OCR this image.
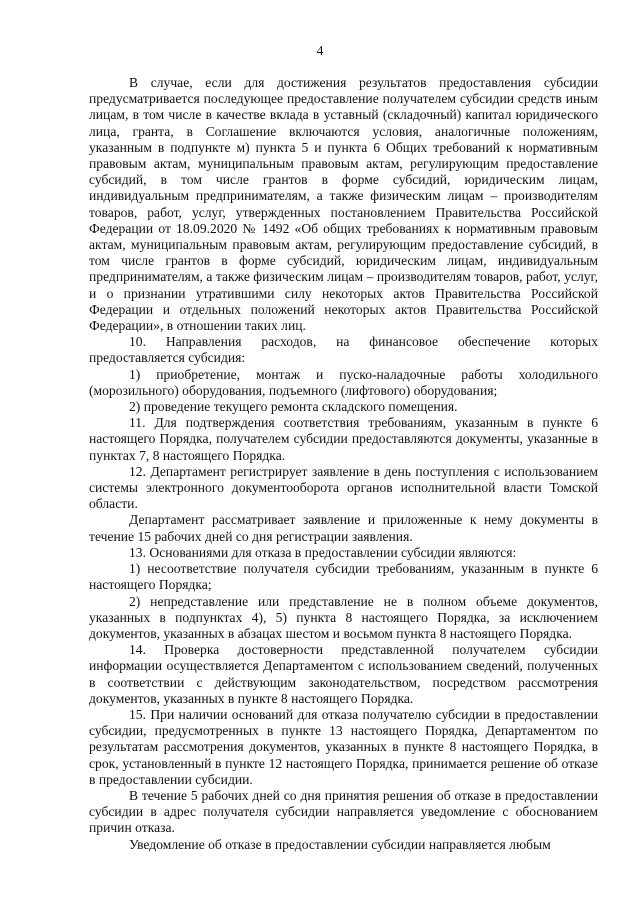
4

В случае, если для достижения результатов предоставления субсидии предусматривается последующее предоставление получателем субсидии средств иным лицам, в том числе в качестве вклада в уставный (складочный) капитал юридического лица, гранта, в Соглашение включаются условия, аналогичные положениям, указанным в подпункте м) пункта 5 и пункта 6 Общих требований к нормативным правовым актам, муниципальным правовым актам, регулирующим предоставление субсидий, в том числе грантов в форме субсидий, юридическим лицам, индивидуальным предпринимателям, а также физическим лицам – производителям товаров, работ, услуг, утвержденных постановлением Правительства Российской Федерации от 18.09.2020 № 1492 «Об общих требованиях к нормативным правовым актам, муниципальным правовым актам, регулирующим предоставление субсидий, в том числе грантов в форме субсидий, юридическим лицам, индивидуальным предпринимателям, а также физическим лицам – производителям товаров, работ, услуг, и о признании утратившими силу некоторых актов Правительства Российской Федерации и отдельных положений некоторых актов Правительства Российской Федерации», в отношении таких лиц.

10. Направления расходов, на финансовое обеспечение которых предоставляется субсидия:

1) приобретение, монтаж и пуско-наладочные работы холодильного (морозильного) оборудования, подъемного (лифтового) оборудования;

2) проведение текущего ремонта складского помещения.

11. Для подтверждения соответствия требованиям, указанным в пункте 6 настоящего Порядка, получателем субсидии предоставляются документы, указанные в пунктах 7, 8 настоящего Порядка.

12. Департамент регистрирует заявление в день поступления с использованием системы электронного документооборота органов исполнительной власти Томской области.

Департамент рассматривает заявление и приложенные к нему документы в течение 15 рабочих дней со дня регистрации заявления.

13. Основаниями для отказа в предоставлении субсидии являются:

1) несоответствие получателя субсидии требованиям, указанным в пункте 6 настоящего Порядка;

2) непредставление или представление не в полном объеме документов, указанных в подпунктах 4), 5) пункта 8 настоящего Порядка, за исключением документов, указанных в абзацах шестом и восьмом пункта 8 настоящего Порядка.

14. Проверка достоверности представленной получателем субсидии информации осуществляется Департаментом с использованием сведений, полученных в соответствии с действующим законодательством, посредством рассмотрения документов, указанных в пункте 8 настоящего Порядка.

15. При наличии оснований для отказа получателю субсидии в предоставлении субсидии, предусмотренных в пункте 13 настоящего Порядка, Департаментом по результатам рассмотрения документов, указанных в пункте 8 настоящего Порядка, в срок, установленный в пункте 12 настоящего Порядка, принимается решение об отказе в предоставлении субсидии.

В течение 5 рабочих дней со дня принятия решения об отказе в предоставлении субсидии в адрес получателя субсидии направляется уведомление с обоснованием причин отказа.

Уведомление об отказе в предоставлении субсидии направляется любым
